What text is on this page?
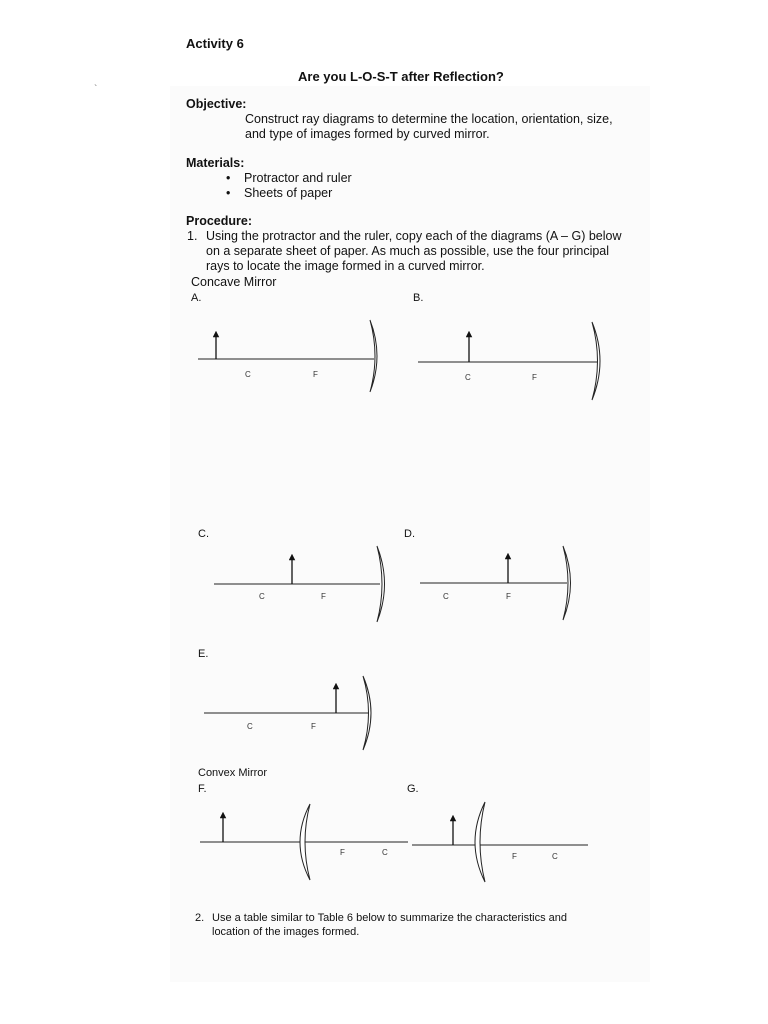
Activity 6
Are you L-O-S-T after Reflection?
`
Objective:
Construct ray diagrams to determine the location, orientation, size,
and type of images formed by curved mirror.
Materials:
•	Protractor and ruler
•	Sheets of paper
Procedure:
1. Using the protractor and the ruler, copy each of the diagrams (A – G) below
on a separate sheet of paper. As much as possible, use the four principal
rays to locate the image formed in a curved mirror.
Concave Mirror
A.	B.
C.	D.
E.
Convex Mirror
F.	G.
2. Use a table similar to Table 6 below to summarize the characteristics and
location of the images formed.
C	F	C	F
C	F	C	F
C	F
F	C	F	C
